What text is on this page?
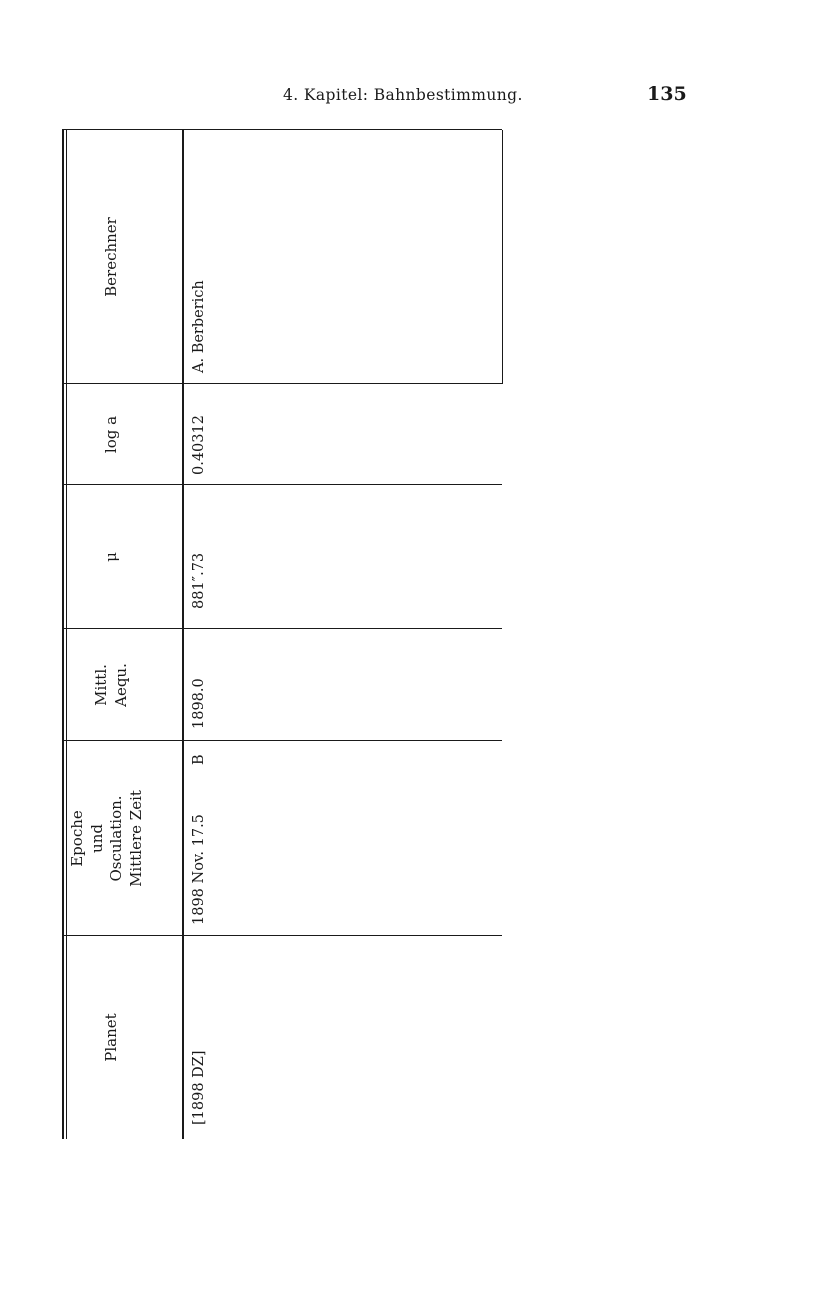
4. Kapitel: Bahnbestimmung.	135
Planet
Epoche und Osculation. Mittlere Zeit
Mittl. Aequ.
μ
log a
Berechner
[1898 DZ]
1898 Nov. 17.5
B
1898.0
881″.73
0.40312
A. Berberich
